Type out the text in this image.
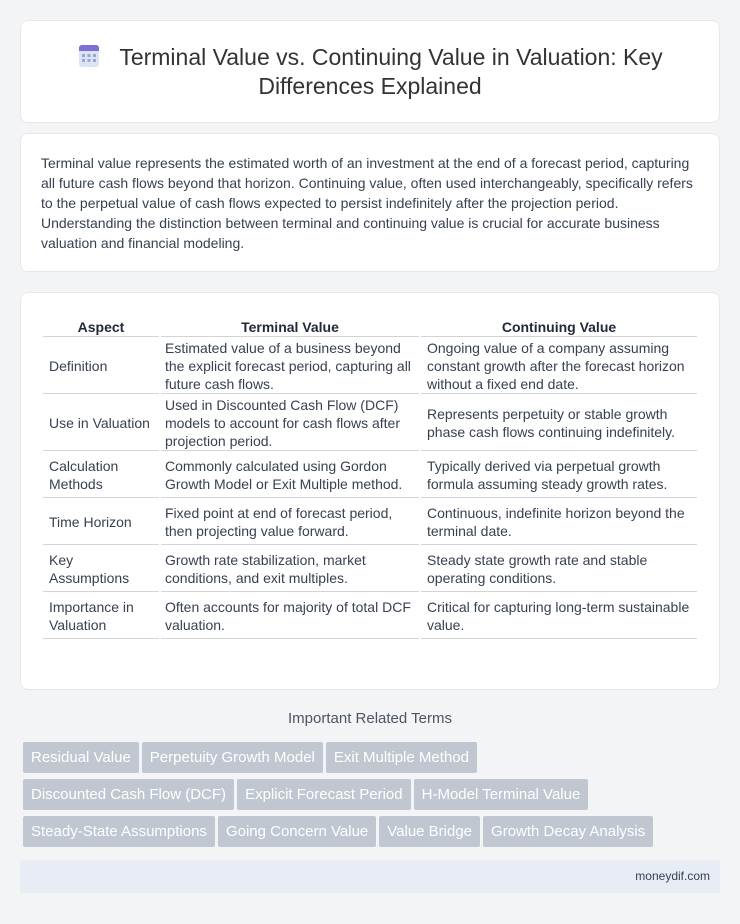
Terminal Value vs. Continuing Value in Valuation: Key Differences Explained

Terminal value represents the estimated worth of an investment at the end of a forecast period, capturing all future cash flows beyond that horizon. Continuing value, often used interchangeably, specifically refers to the perpetual value of cash flows expected to persist indefinitely after the projection period. Understanding the distinction between terminal and continuing value is crucial for accurate business valuation and financial modeling.

Aspect	Terminal Value	Continuing Value
Definition	Estimated value of a business beyond the explicit forecast period, capturing all future cash flows.	Ongoing value of a company assuming constant growth after the forecast horizon without a fixed end date.
Use in Valuation	Used in Discounted Cash Flow (DCF) models to account for cash flows after projection period.	Represents perpetuity or stable growth phase cash flows continuing indefinitely.
Calculation Methods	Commonly calculated using Gordon Growth Model or Exit Multiple method.	Typically derived via perpetual growth formula assuming steady growth rates.
Time Horizon	Fixed point at end of forecast period, then projecting value forward.	Continuous, indefinite horizon beyond the terminal date.
Key Assumptions	Growth rate stabilization, market conditions, and exit multiples.	Steady state growth rate and stable operating conditions.
Importance in Valuation	Often accounts for majority of total DCF valuation.	Critical for capturing long-term sustainable value.
Important Related Terms
Residual Value Perpetuity Growth Model Exit Multiple Method
Discounted Cash Flow (DCF) Explicit Forecast Period H-Model Terminal Value
Steady-State Assumptions Going Concern Value Value Bridge Growth Decay Analysis
moneydif.com
